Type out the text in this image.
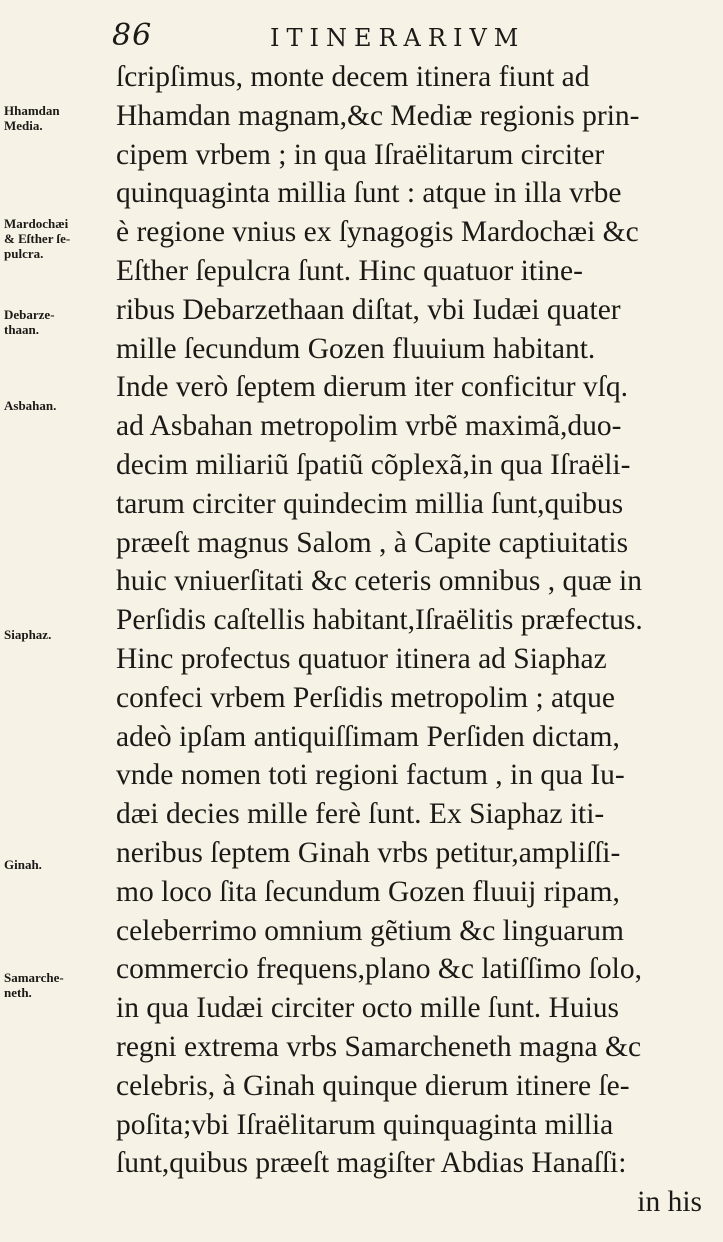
86	ITINERARIVM
Hhamdan
Media.
Mardochæi
& Eſther ſe-
pulcra.
Debarze-
thaan.
Asbahan.
Siaphaz.
Ginah.
Samarche-
neth.
ſcripſimus, monte decem itinera fiunt ad
Hhamdan magnam,&c Mediæ regionis prin-
cipem vrbem ; in qua Iſraëlitarum circiter
quinquaginta millia ſunt : atque in illa vrbe
è regione vnius ex ſynagogis Mardochæi &c
Eſther ſepulcra ſunt. Hinc quatuor itine-
ribus Debarzethaan diſtat, vbi Iudæi quater
mille ſecundum Gozen fluuium habitant.
Inde verò ſeptem dierum iter conficitur vſq.
ad Asbahan metropolim vrbẽ maximã,duo-
decim miliariũ ſpatiũ cõplexã,in qua Iſraëli-
tarum circiter quindecim millia ſunt,quibus
præeſt magnus Salom , à Capite captiuitatis
huic vniuerſitati &c ceteris omnibus , quæ in
Perſidis caſtellis habitant,Iſraëlitis præfectus.
Hinc profectus quatuor itinera ad Siaphaz
confeci vrbem Perſidis metropolim ; atque
adeò ipſam antiquiſſimam Perſiden dictam,
vnde nomen toti regioni factum , in qua Iu-
dæi decies mille ferè ſunt. Ex Siaphaz iti-
neribus ſeptem Ginah vrbs petitur,ampliſſi-
mo loco ſita ſecundum Gozen fluuij ripam,
celeberrimo omnium gẽtium &c linguarum
commercio frequens,plano &c latiſſimo ſolo,
in qua Iudæi circiter octo mille ſunt. Huius
regni extrema vrbs Samarcheneth magna &c
celebris, à Ginah quinque dierum itinere ſe-
poſita;vbi Iſraëlitarum quinquaginta millia
ſunt,quibus præeſt magiſter Abdias Hanaſſi:
in his
